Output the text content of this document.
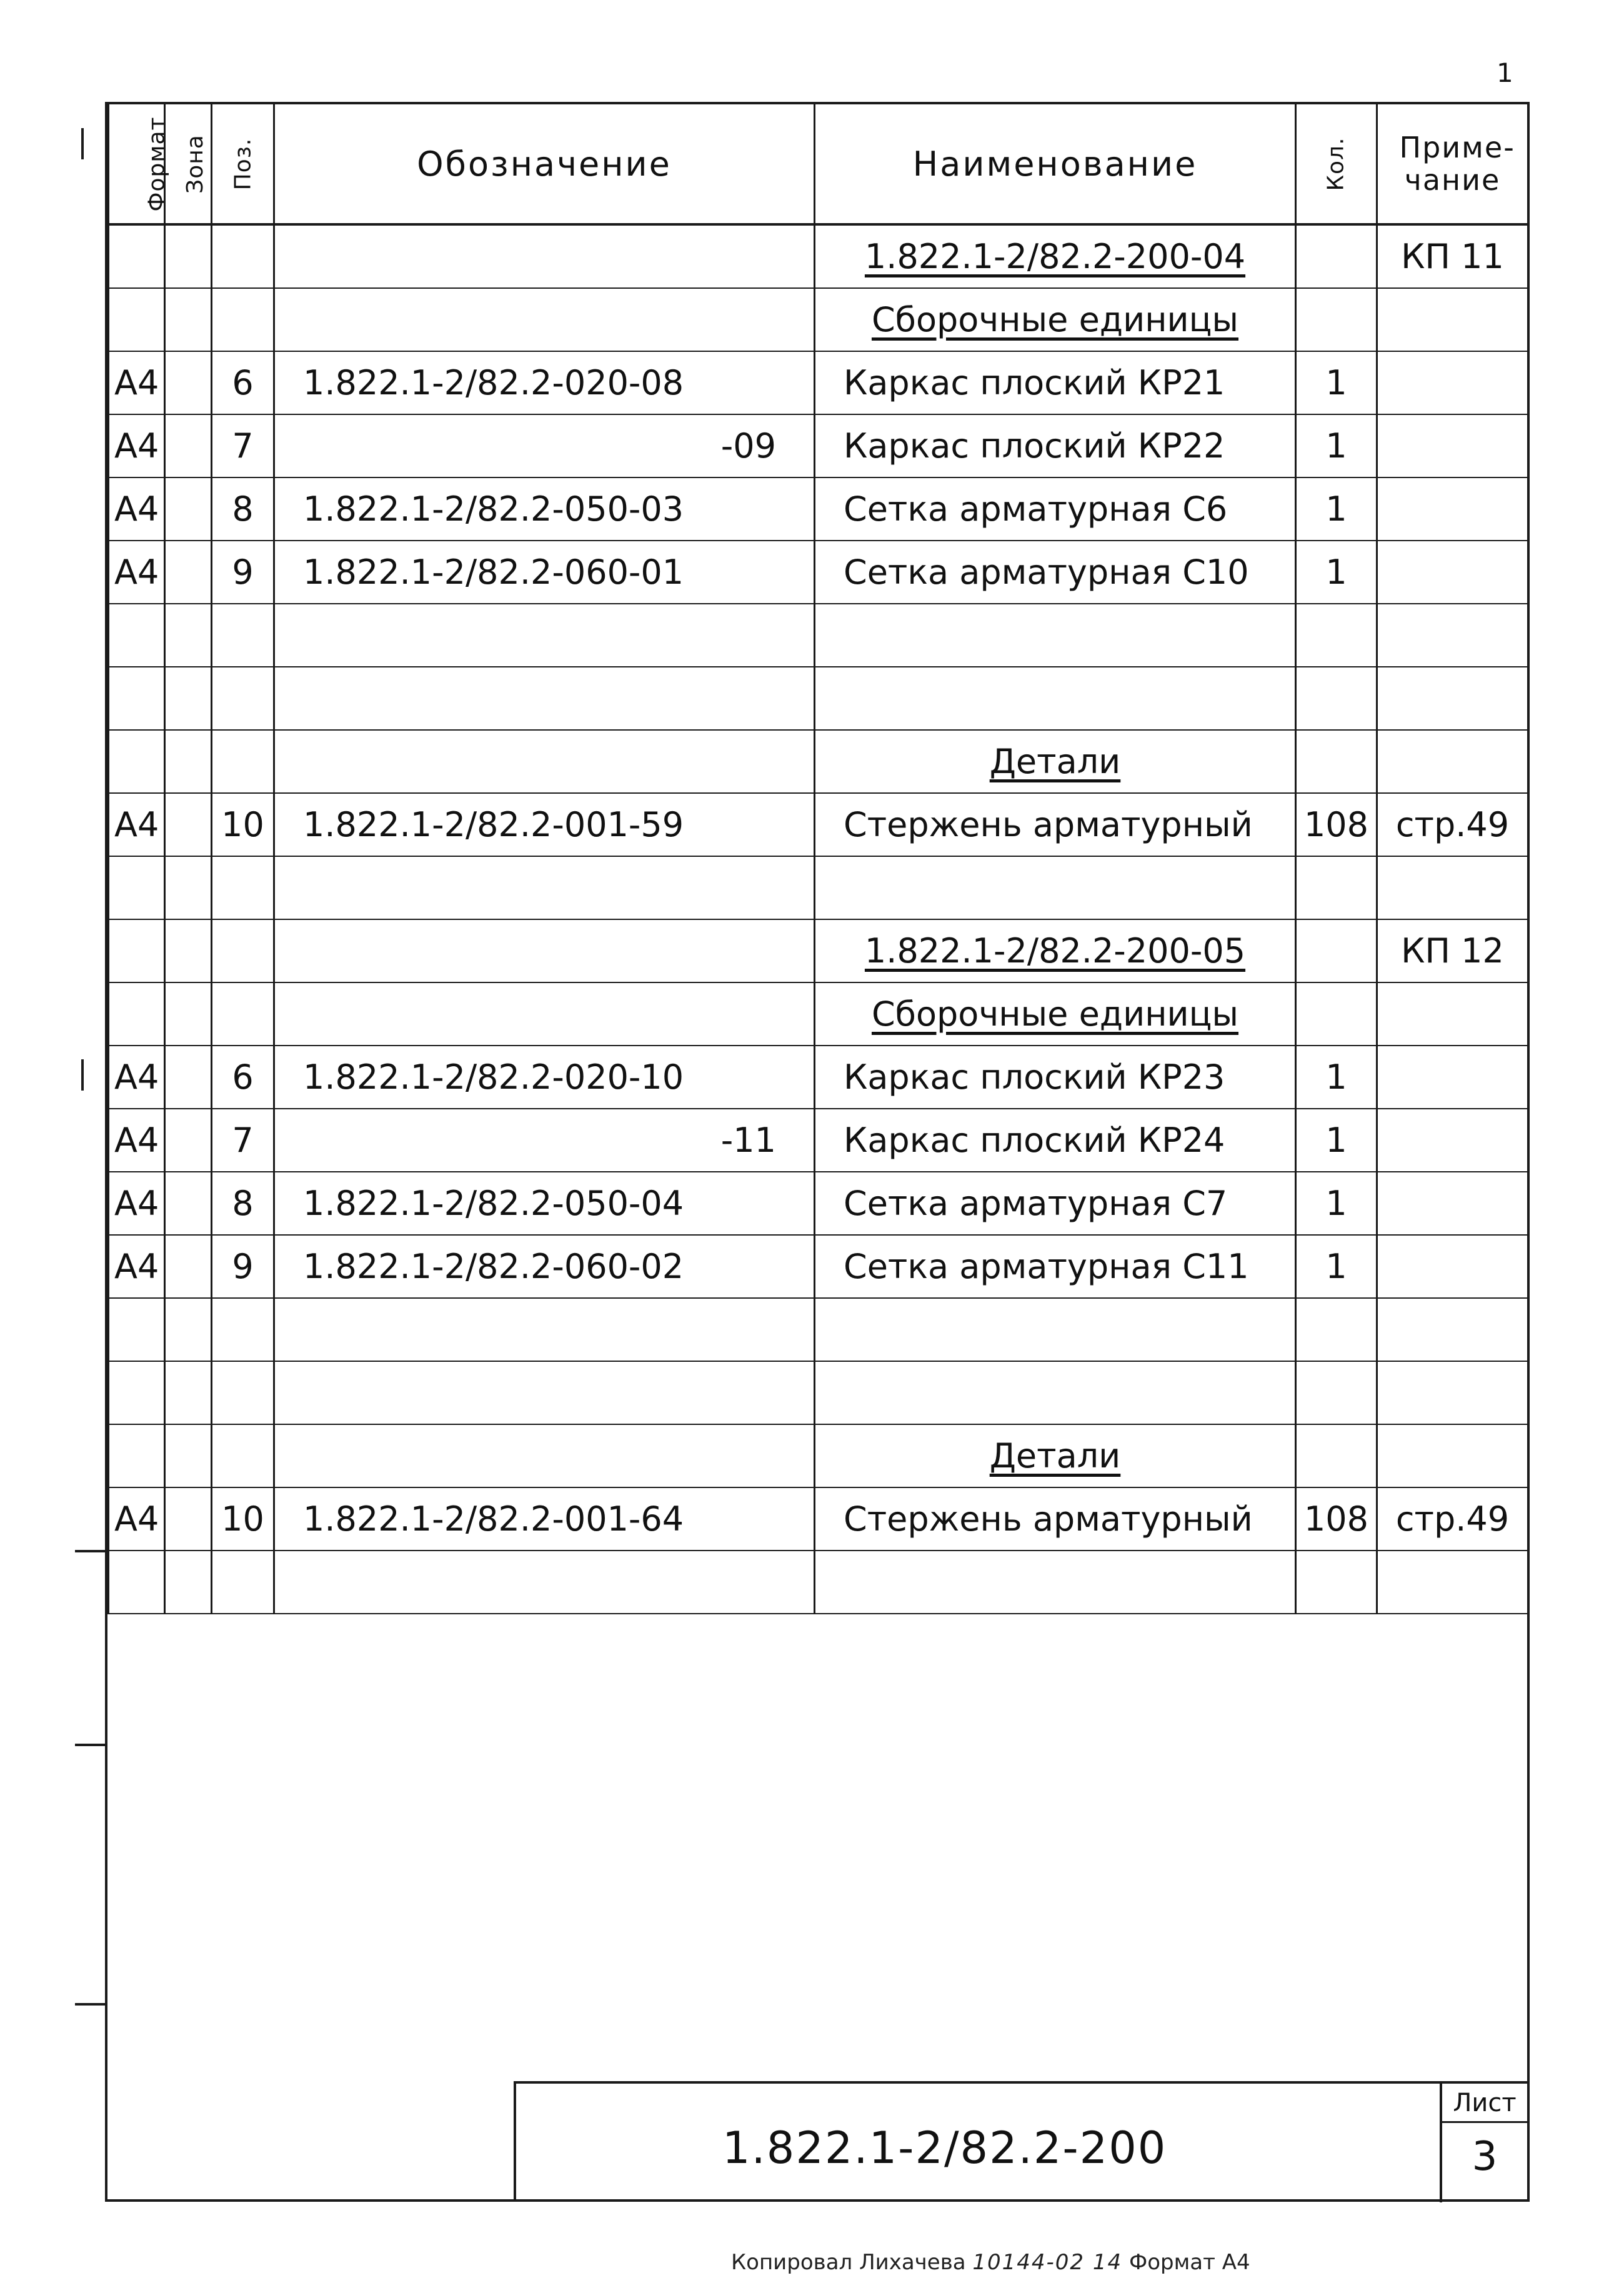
1
Формат	Зона	Поз.	Обозначение	Наименование	Кол.	Приме-чание

				1.822.1-2/82.2-200-04		КП 11
				Сборочные единицы		
А4		6	1.822.1-2/82.2-020-08	Каркас плоский КР21	1	
А4		7	-09	Каркас плоский КР22	1	
А4		8	1.822.1-2/82.2-050-03	Сетка арматурная С6	1	
А4		9	1.822.1-2/82.2-060-01	Сетка арматурная С10	1	

				Детали		
А4		10	1.822.1-2/82.2-001-59	Стержень арматурный	108	стр.49

				1.822.1-2/82.2-200-05		КП 12
				Сборочные единицы		
А4		6	1.822.1-2/82.2-020-10	Каркас плоский КР23	1	
А4		7	-11	Каркас плоский КР24	1	
А4		8	1.822.1-2/82.2-050-04	Сетка арматурная С7	1	
А4		9	1.822.1-2/82.2-060-02	Сетка арматурная С11	1	

				Детали		
А4		10	1.822.1-2/82.2-001-64	Стержень арматурный	108	стр.49

1.822.1-2/82.2-200
Лист
3
Копировал Лихачева 10144-02 14 Формат А4
